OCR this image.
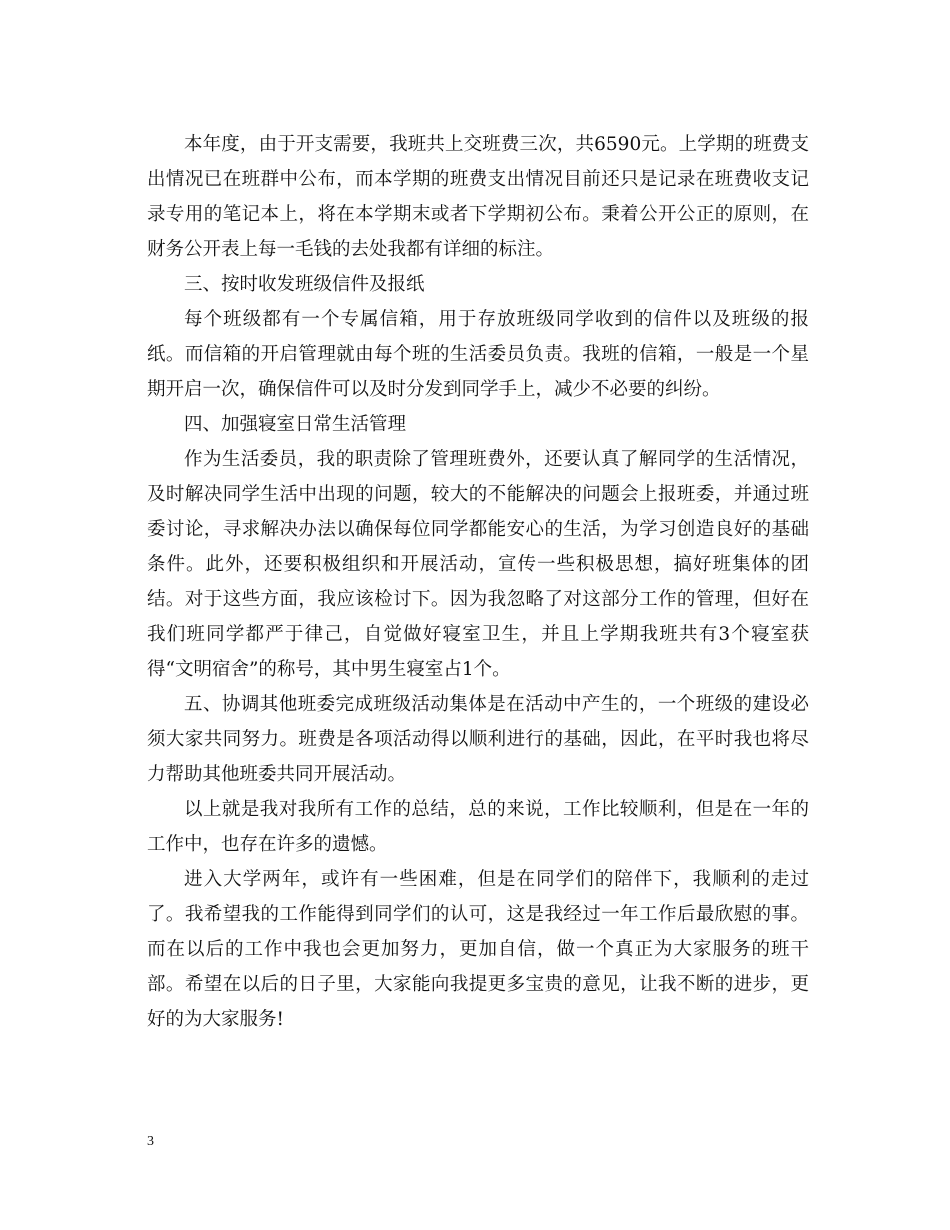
本年度，由于开支需要，我班共上交班费三次，共6590元。上学期的班费支出情况已在班群中公布，而本学期的班费支出情况目前还只是记录在班费收支记录专用的笔记本上，将在本学期末或者下学期初公布。秉着公开公正的原则，在财务公开表上每一毛钱的去处我都有详细的标注。

三、按时收发班级信件及报纸

每个班级都有一个专属信箱，用于存放班级同学收到的信件以及班级的报纸。而信箱的开启管理就由每个班的生活委员负责。我班的信箱，一般是一个星期开启一次，确保信件可以及时分发到同学手上，减少不必要的纠纷。

四、加强寝室日常生活管理

作为生活委员，我的职责除了管理班费外，还要认真了解同学的生活情况，及时解决同学生活中出现的问题，较大的不能解决的问题会上报班委，并通过班委讨论，寻求解决办法以确保每位同学都能安心的生活，为学习创造良好的基础条件。此外，还要积极组织和开展活动，宣传一些积极思想，搞好班集体的团结。对于这些方面，我应该检讨下。因为我忽略了对这部分工作的管理，但好在我们班同学都严于律己，自觉做好寝室卫生，并且上学期我班共有3个寝室获得“文明宿舍”的称号，其中男生寝室占1个。

五、协调其他班委完成班级活动集体是在活动中产生的，一个班级的建设必须大家共同努力。班费是各项活动得以顺利进行的基础，因此，在平时我也将尽力帮助其他班委共同开展活动。

以上就是我对我所有工作的总结，总的来说，工作比较顺利，但是在一年的工作中，也存在许多的遗憾。

进入大学两年，或许有一些困难，但是在同学们的陪伴下，我顺利的走过了。我希望我的工作能得到同学们的认可，这是我经过一年工作后最欣慰的事。而在以后的工作中我也会更加努力，更加自信，做一个真正为大家服务的班干部。希望在以后的日子里，大家能向我提更多宝贵的意见，让我不断的进步，更好的为大家服务!

3
